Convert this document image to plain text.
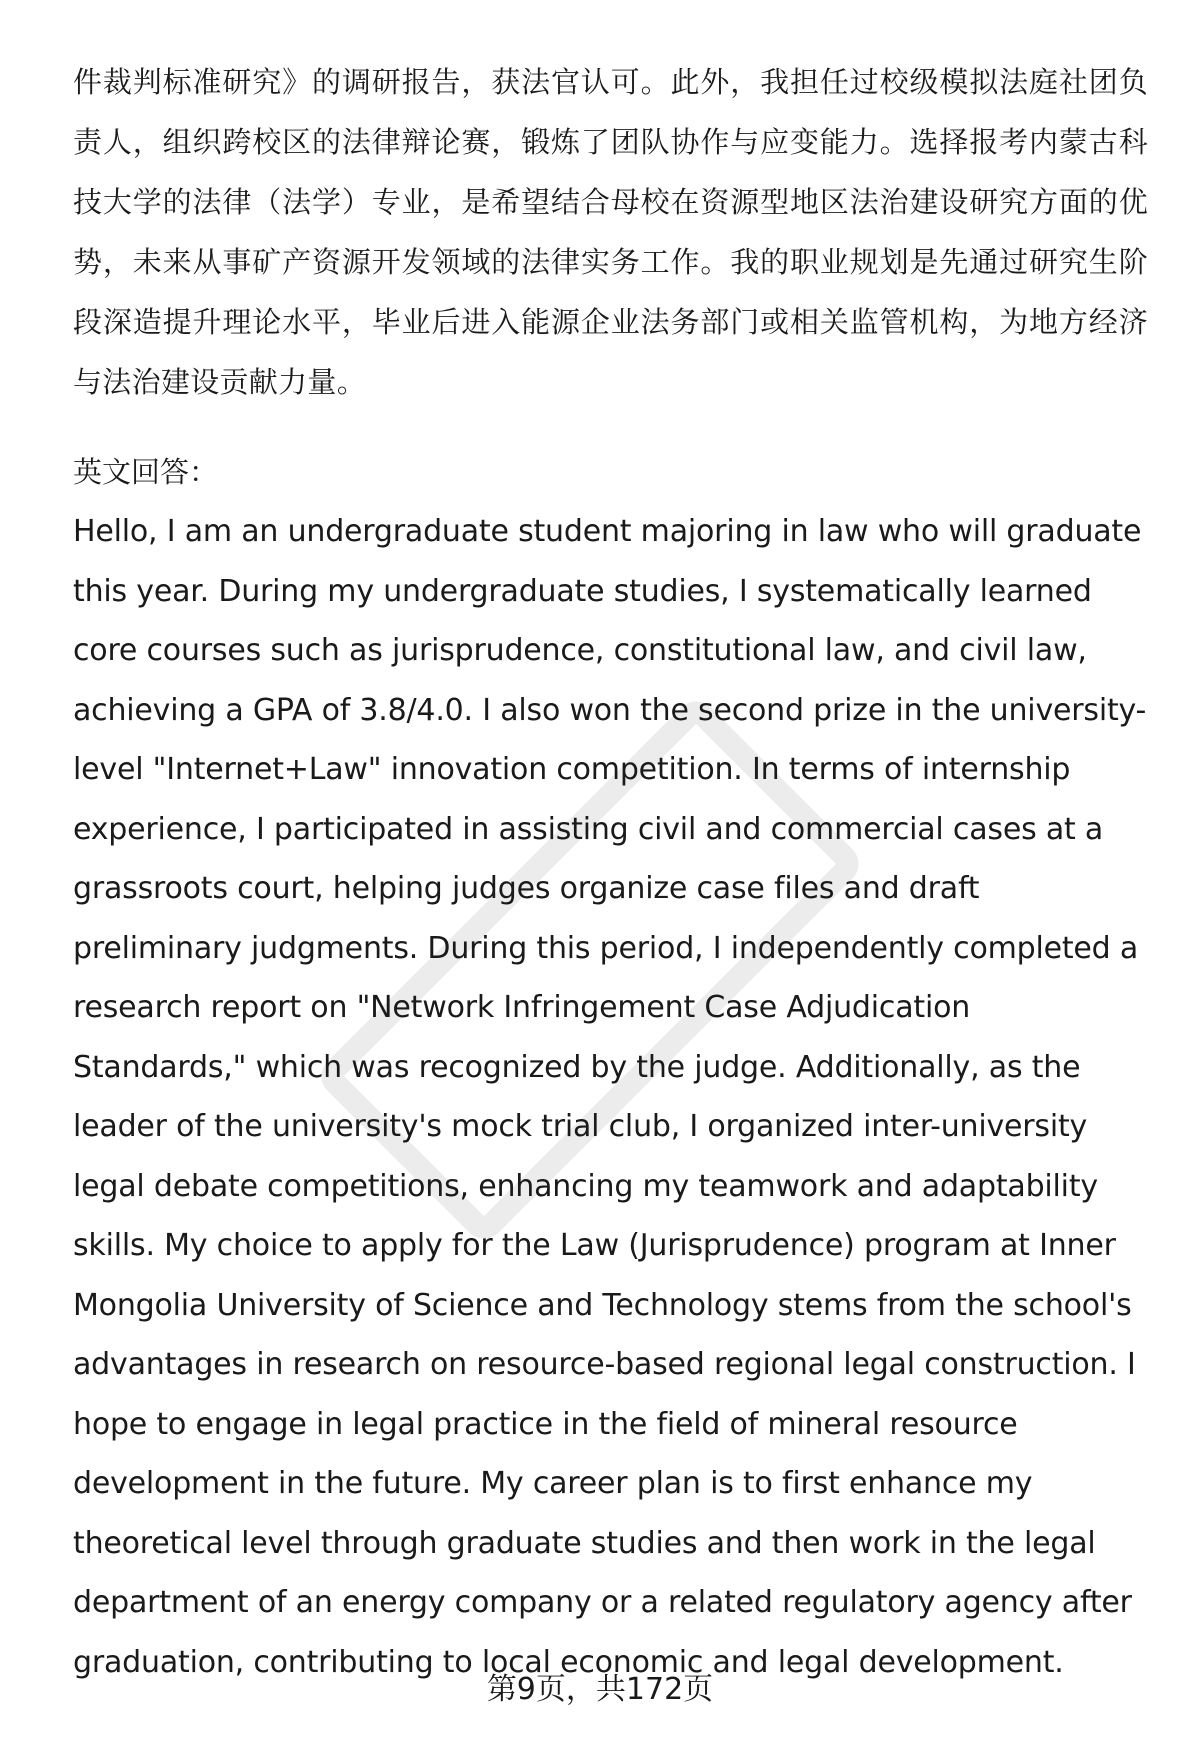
件裁判标准研究》的调研报告，获法官认可。此外，我担任过校级模拟法庭社团负责人，组织跨校区的法律辩论赛，锻炼了团队协作与应变能力。选择报考内蒙古科技大学的法律（法学）专业，是希望结合母校在资源型地区法治建设研究方面的优势，未来从事矿产资源开发领域的法律实务工作。我的职业规划是先通过研究生阶段深造提升理论水平，毕业后进入能源企业法务部门或相关监管机构，为地方经济与法治建设贡献力量。

英文回答：

Hello, I am an undergraduate student majoring in law who will graduate this year. During my undergraduate studies, I systematically learned core courses such as jurisprudence, constitutional law, and civil law, achieving a GPA of 3.8/4.0. I also won the second prize in the university-level "Internet+Law" innovation competition. In terms of internship experience, I participated in assisting civil and commercial cases at a grassroots court, helping judges organize case files and draft preliminary judgments. During this period, I independently completed a research report on "Network Infringement Case Adjudication Standards," which was recognized by the judge. Additionally, as the leader of the university's mock trial club, I organized inter-university legal debate competitions, enhancing my teamwork and adaptability skills. My choice to apply for the Law (Jurisprudence) program at Inner Mongolia University of Science and Technology stems from the school's advantages in research on resource-based regional legal construction. I hope to engage in legal practice in the field of mineral resource development in the future. My career plan is to first enhance my theoretical level through graduate studies and then work in the legal department of an energy company or a related regulatory agency after graduation, contributing to local economic and legal development.

第9页，共172页
